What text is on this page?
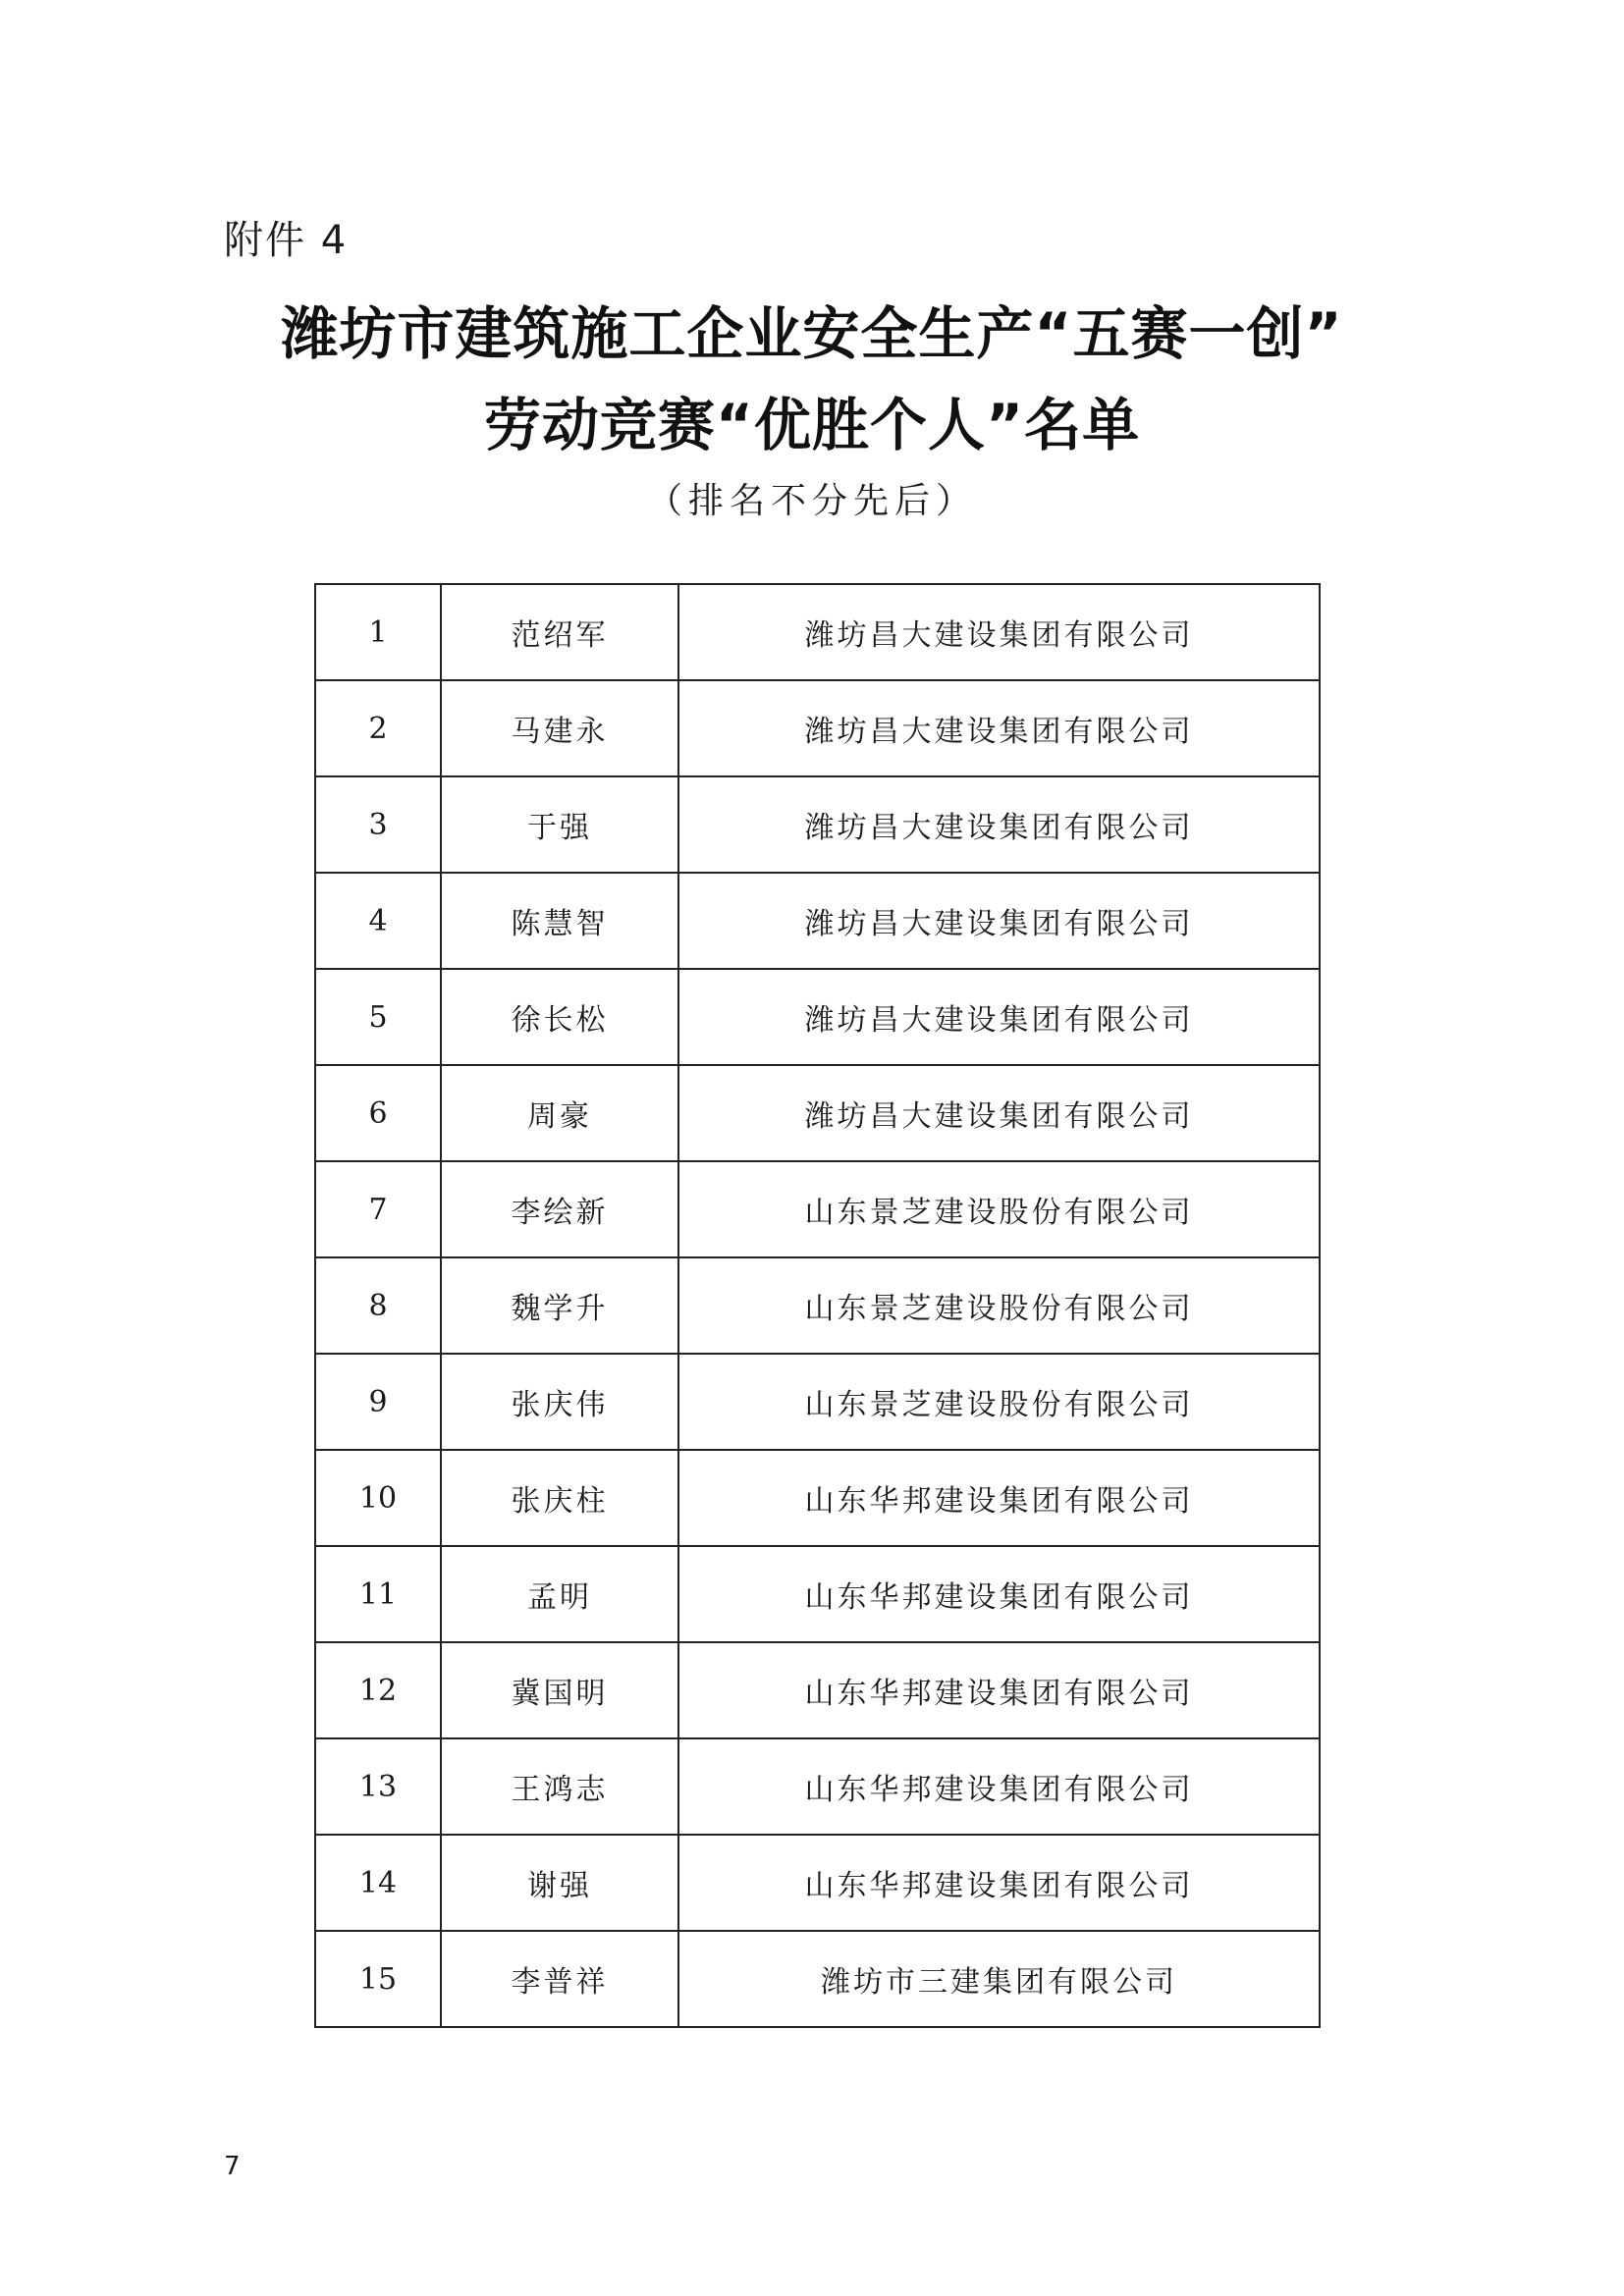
附件 4
潍坊市建筑施工企业安全生产“五赛一创”
劳动竞赛“优胜个人”名单
（排名不分先后）
1	范绍军	潍坊昌大建设集团有限公司
2	马建永	潍坊昌大建设集团有限公司
3	于强	潍坊昌大建设集团有限公司
4	陈慧智	潍坊昌大建设集团有限公司
5	徐长松	潍坊昌大建设集团有限公司
6	周豪	潍坊昌大建设集团有限公司
7	李绘新	山东景芝建设股份有限公司
8	魏学升	山东景芝建设股份有限公司
9	张庆伟	山东景芝建设股份有限公司
10	张庆柱	山东华邦建设集团有限公司
11	孟明	山东华邦建设集团有限公司
12	冀国明	山东华邦建设集团有限公司
13	王鸿志	山东华邦建设集团有限公司
14	谢强	山东华邦建设集团有限公司
15	李普祥	潍坊市三建集团有限公司
7
